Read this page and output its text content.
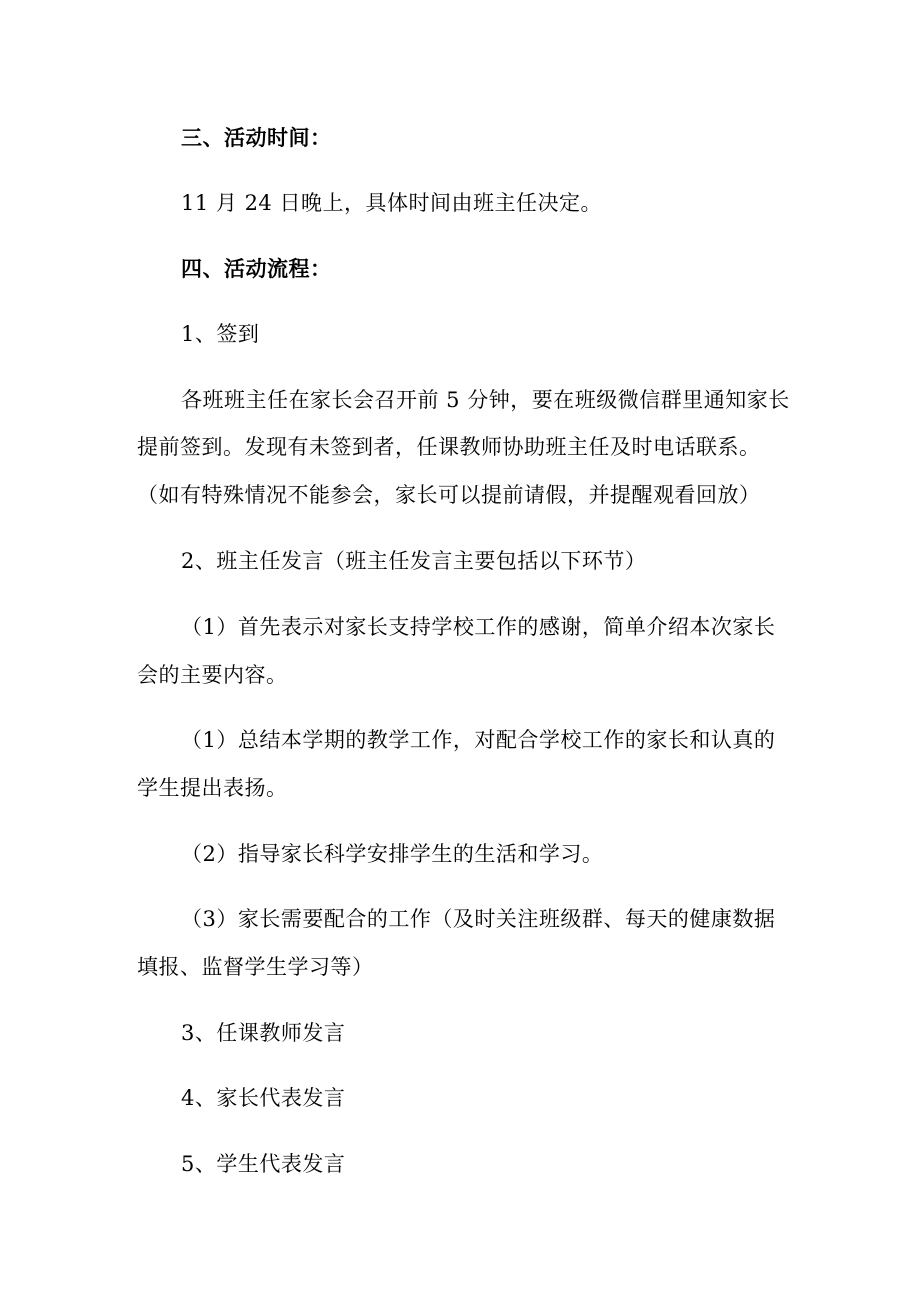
三、活动时间：
11 月 24 日晚上，具体时间由班主任决定。
四、活动流程：
1、签到
各班班主任在家长会召开前 5 分钟，要在班级微信群里通知家长
提前签到。发现有未签到者，任课教师协助班主任及时电话联系。
（如有特殊情况不能参会，家长可以提前请假，并提醒观看回放）
2、班主任发言（班主任发言主要包括以下环节）
（1）首先表示对家长支持学校工作的感谢，简单介绍本次家长
会的主要内容。
（1）总结本学期的教学工作，对配合学校工作的家长和认真的
学生提出表扬。
（2）指导家长科学安排学生的生活和学习。
（3）家长需要配合的工作（及时关注班级群、每天的健康数据
填报、监督学生学习等）
3、任课教师发言
4、家长代表发言
5、学生代表发言
